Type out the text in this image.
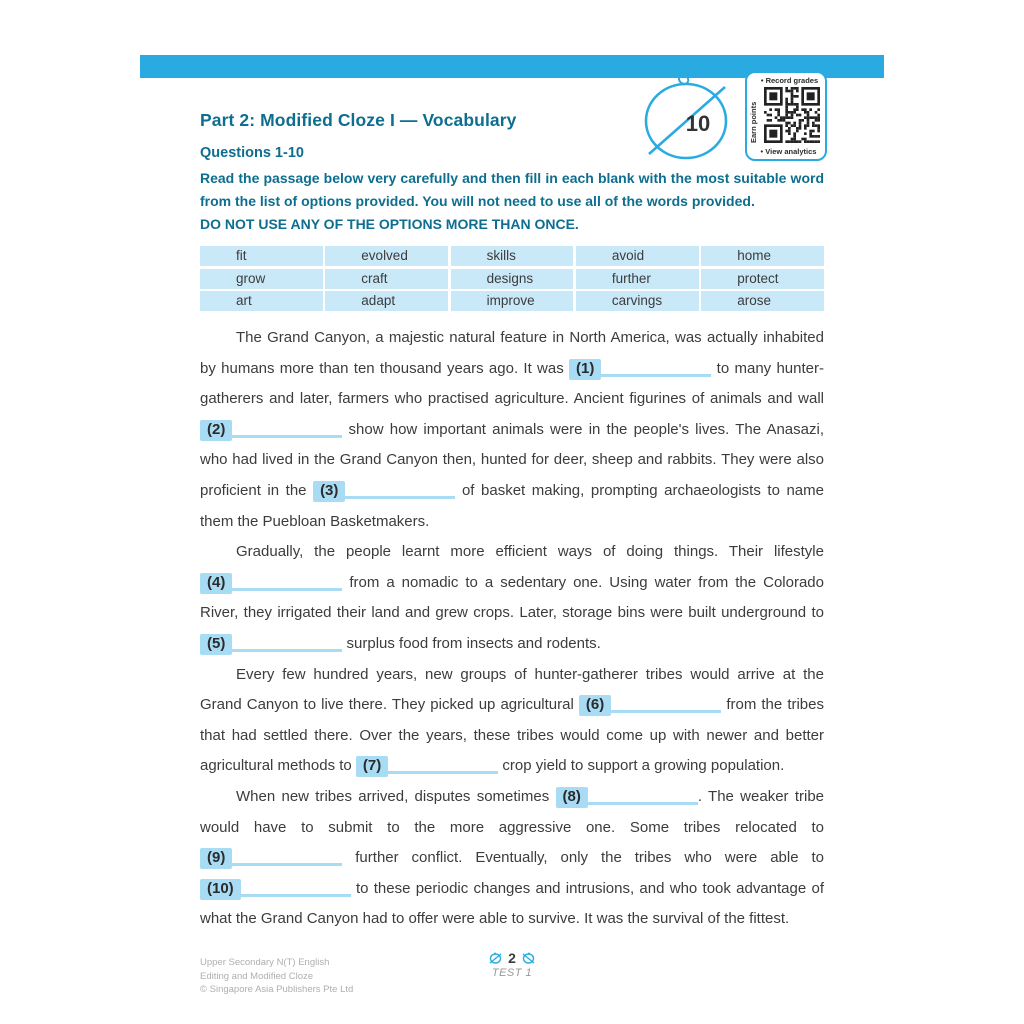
10
• Record grades
Earn points
• View analytics
Part 2: Modified Cloze I — Vocabulary
Questions 1-10
Read the passage below very carefully and then fill in each blank with the most suitable word from the list of options provided. You will not need to use all of the words provided.
DO NOT USE ANY OF THE OPTIONS MORE THAN ONCE.
fit	evolved	skills	avoid	home
grow	craft	designs	further	protect
art	adapt	improve	carvings	arose

The Grand Canyon, a majestic natural feature in North America, was actually inhabited by humans more than ten thousand years ago. It was (1)	to many hunter-gatherers and later, farmers who practised agriculture. Ancient figurines of animals and wall (2)	show how important animals were in the people's lives. The Anasazi, who had lived in the Grand Canyon then, hunted for deer, sheep and rabbits. They were also proficient in the (3)	of basket making, prompting archaeologists to name them the Puebloan Basketmakers.

Gradually, the people learnt more efficient ways of doing things. Their lifestyle (4)	from a nomadic to a sedentary one. Using water from the Colorado River, they irrigated their land and grew crops. Later, storage bins were built underground to (5)	surplus food from insects and rodents.

Every few hundred years, new groups of hunter-gatherer tribes would arrive at the Grand Canyon to live there. They picked up agricultural (6)	from the tribes that had settled there. Over the years, these tribes would come up with newer and better agricultural methods to (7)	crop yield to support a growing population.

When new tribes arrived, disputes sometimes (8)	. The weaker tribe would have to submit to the more aggressive one. Some tribes relocated to (9)	further conflict. Eventually, only the tribes who were able to (10)	to these periodic changes and intrusions, and who took advantage of what the Grand Canyon had to offer were able to survive. It was the survival of the fittest.

Upper Secondary N(T) English
Editing and Modified Cloze
© Singapore Asia Publishers Pte Ltd
2
TEST 1
